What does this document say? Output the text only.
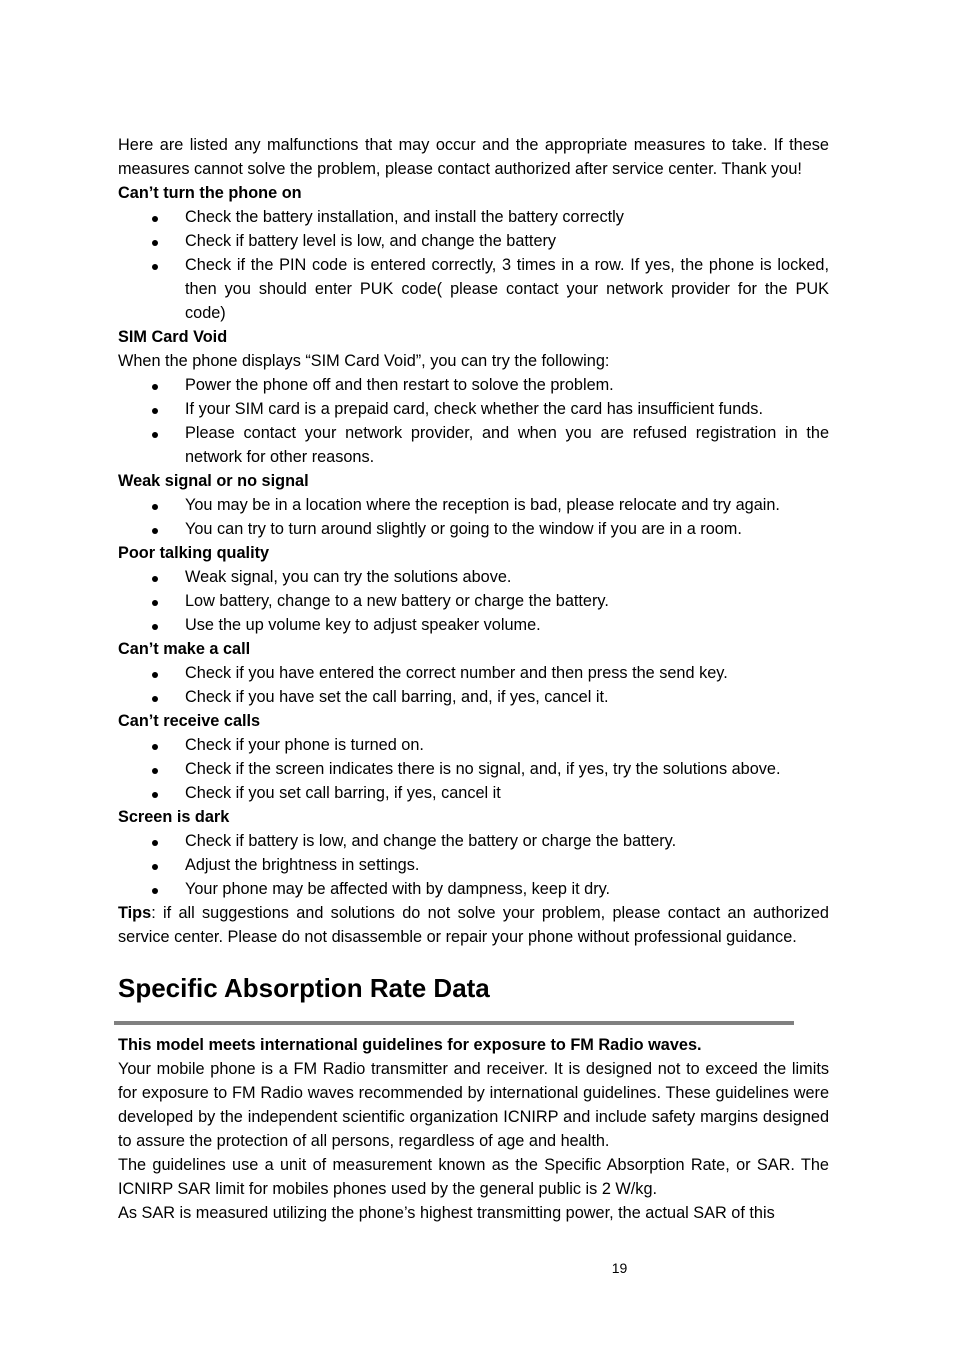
Here are listed any malfunctions that may occur and the appropriate measures to take. If these measures cannot solve the problem, please contact authorized after service center. Thank you!

Can’t turn the phone on

Check the battery installation, and install the battery correctly
Check if battery level is low, and change the battery
Check if the PIN code is entered correctly, 3 times in a row. If yes, the phone is locked, then you should enter PUK code( please contact your network provider for the PUK code)

SIM Card Void

When the phone displays “SIM Card Void”, you can try the following:

Power the phone off and then restart to solove the problem.
If your SIM card is a prepaid card, check whether the card has insufficient funds.
Please contact your network provider, and when you are refused registration in the network for other reasons.

Weak signal or no signal

You may be in a location where the reception is bad, please relocate and try again.
You can try to turn around slightly or going to the window if you are in a room.

Poor talking quality

Weak signal, you can try the solutions above.
Low battery, change to a new battery or charge the battery.
Use the up volume key to adjust speaker volume.

Can’t make a call

Check if you have entered the correct number and then press the send key.
Check if you have set the call barring, and, if yes, cancel it.

Can’t receive calls

Check if your phone is turned on.
Check if the screen indicates there is no signal, and, if yes, try the solutions above.
Check if you set call barring, if yes, cancel it

Screen is dark

Check if battery is low, and change the battery or charge the battery.
Adjust the brightness in settings.
Your phone may be affected with by dampness, keep it dry.

Tips: if all suggestions and solutions do not solve your problem, please contact an authorized service center. Please do not disassemble or repair your phone without professional guidance.

Specific Absorption Rate Data

This model meets international guidelines for exposure to FM Radio waves.

Your mobile phone is a FM Radio transmitter and receiver. It is designed not to exceed the limits for exposure to FM Radio waves recommended by international guidelines. These guidelines were developed by the independent scientific organization ICNIRP and include safety margins designed to assure the protection of all persons, regardless of age and health.

The guidelines use a unit of measurement known as the Specific Absorption Rate, or SAR. The ICNIRP SAR limit for mobiles phones used by the general public is 2 W/kg.

As SAR is measured utilizing the phone’s highest transmitting power, the actual SAR of this

19
